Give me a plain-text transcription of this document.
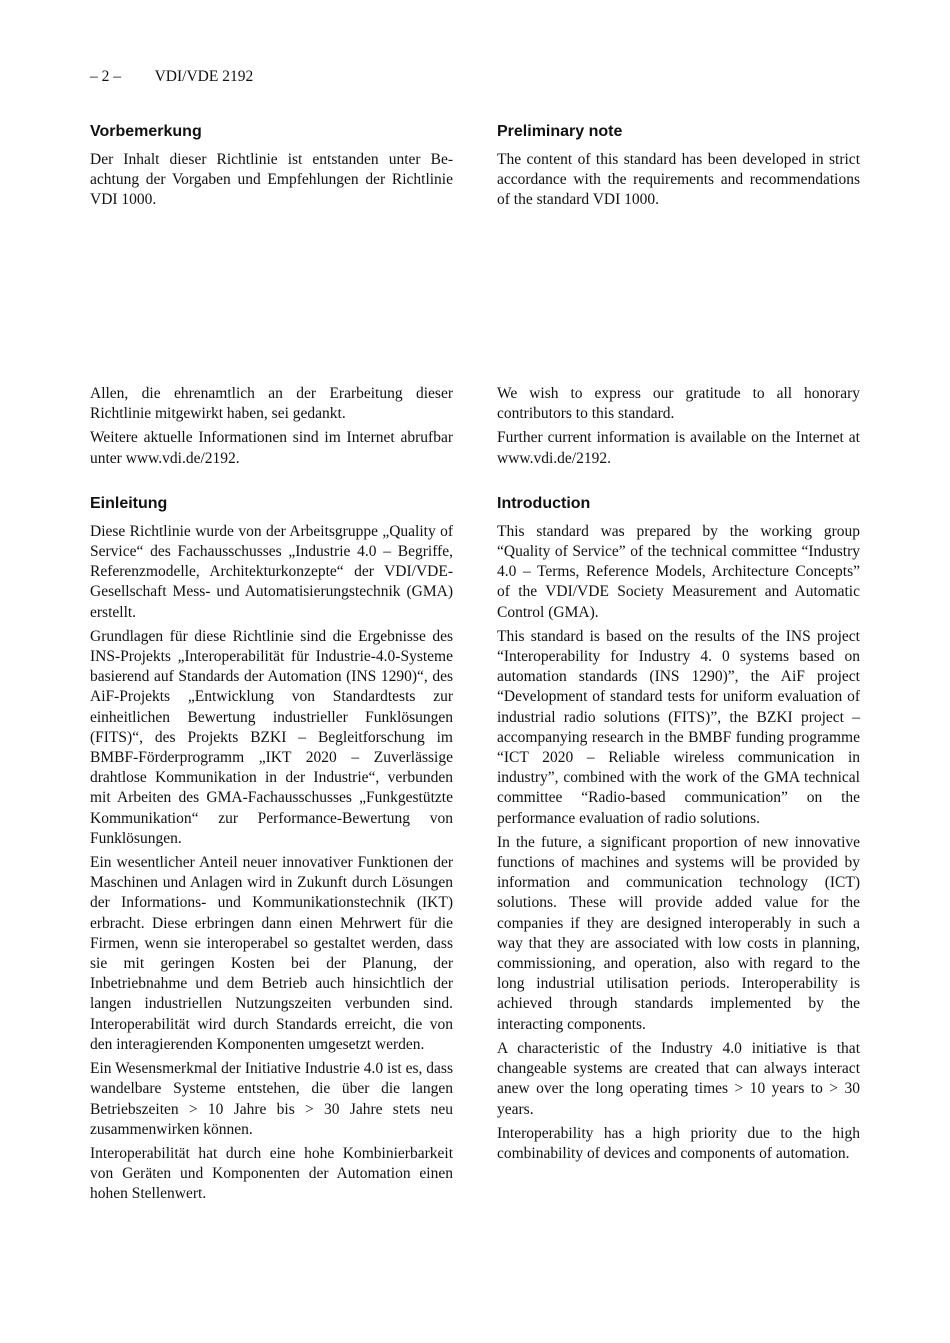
– 2 – VDI/VDE 2192
Vorbemerkung

Der Inhalt dieser Richtlinie ist entstanden unter Beachtung der Vorgaben und Empfehlungen der Richtlinie VDI 1000.

Preliminary note

The content of this standard has been developed in strict accordance with the requirements and recommendations of the standard VDI 1000.

Allen, die ehrenamtlich an der Erarbeitung dieser Richtlinie mitgewirkt haben, sei gedankt.

Weitere aktuelle Informationen sind im Internet abrufbar unter www.vdi.de/2192.

Einleitung

Diese Richtlinie wurde von der Arbeitsgruppe „Quality of Service“ des Fachausschusses „Industrie 4.0 – Begriffe, Referenzmodelle, Architekturkonzepte“ der VDI/VDE-Gesellschaft Mess- und Automatisierungstechnik (GMA) erstellt.

Grundlagen für diese Richtlinie sind die Ergebnisse des INS-Projekts „Interoperabilität für Industrie-4.0-Systeme basierend auf Standards der Automation (INS 1290)“, des AiF-Projekts „Entwicklung von Standardtests zur einheitlichen Bewertung industrieller Funklösungen (FITS)“, des Projekts BZKI – Begleitforschung im BMBF-Förderprogramm „IKT 2020 – Zuverlässige drahtlose Kommunikation in der Industrie“, verbunden mit Arbeiten des GMA-Fachausschusses „Funkgestützte Kommunikation“ zur Performance-Bewertung von Funklösungen.

Ein wesentlicher Anteil neuer innovativer Funktionen der Maschinen und Anlagen wird in Zukunft durch Lösungen der Informations- und Kommunikationstechnik (IKT) erbracht. Diese erbringen dann einen Mehrwert für die Firmen, wenn sie interoperabel so gestaltet werden, dass sie mit geringen Kosten bei der Planung, der Inbetriebnahme und dem Betrieb auch hinsichtlich der langen industriellen Nutzungszeiten verbunden sind. Interoperabilität wird durch Standards erreicht, die von den interagierenden Komponenten umgesetzt werden.

Ein Wesensmerkmal der Initiative Industrie 4.0 ist es, dass wandelbare Systeme entstehen, die über die langen Betriebszeiten > 10 Jahre bis > 30 Jahre stets neu zusammenwirken können.

Interoperabilität hat durch eine hohe Kombinierbarkeit von Geräten und Komponenten der Automation einen hohen Stellenwert.

We wish to express our gratitude to all honorary contributors to this standard.

Further current information is available on the Internet at www.vdi.de/2192.

Introduction

This standard was prepared by the working group “Quality of Service” of the technical committee “Industry 4.0 – Terms, Reference Models, Architecture Concepts” of the VDI/VDE Society Measurement and Automatic Control (GMA).

This standard is based on the results of the INS project “Interoperability for Industry 4. 0 systems based on automation standards (INS 1290)”, the AiF project “Development of standard tests for uniform evaluation of industrial radio solutions (FITS)”, the BZKI project – accompanying research in the BMBF funding programme “ICT 2020 – Reliable wireless communication in industry”, combined with the work of the GMA technical committee “Radio-based communication” on the performance evaluation of radio solutions.

In the future, a significant proportion of new innovative functions of machines and systems will be provided by information and communication technology (ICT) solutions. These will provide added value for the companies if they are designed interoperably in such a way that they are associated with low costs in planning, commissioning, and operation, also with regard to the long industrial utilisation periods. Interoperability is achieved through standards implemented by the interacting components.

A characteristic of the Industry 4.0 initiative is that changeable systems are created that can always interact anew over the long operating times > 10 years to > 30 years.

Interoperability has a high priority due to the high combinability of devices and components of automation.
